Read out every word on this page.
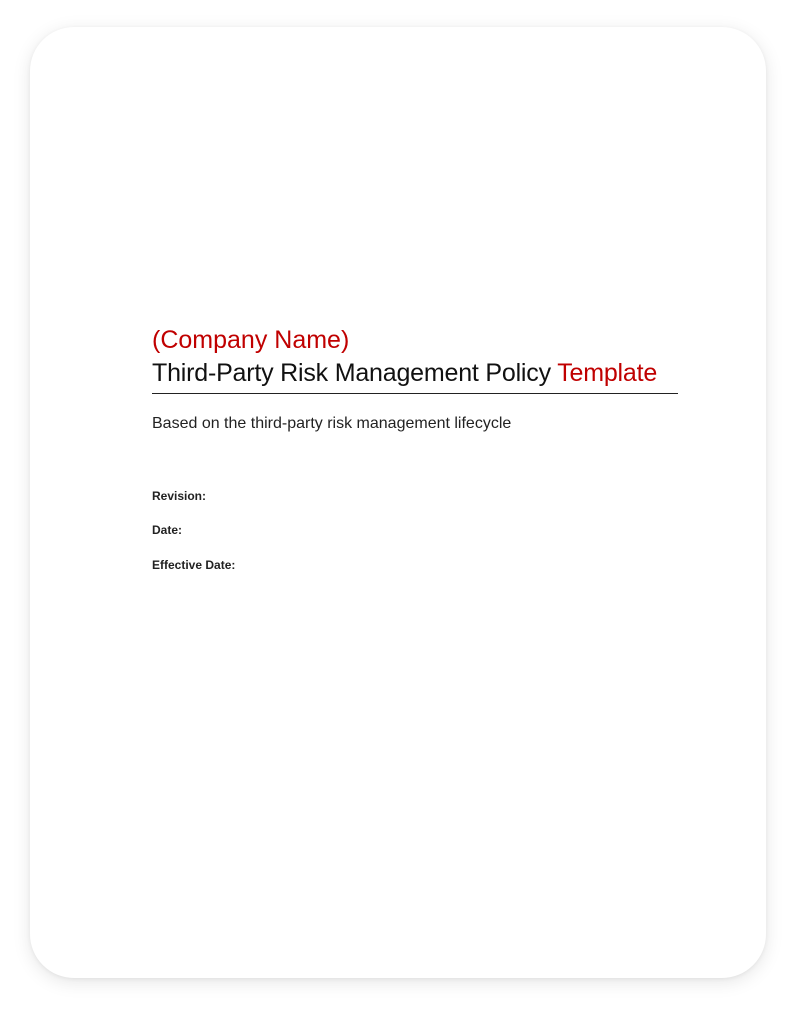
(Company Name)
Third-Party Risk Management Policy Template
Based on the third-party risk management lifecycle
Revision:
Date:
Effective Date:
